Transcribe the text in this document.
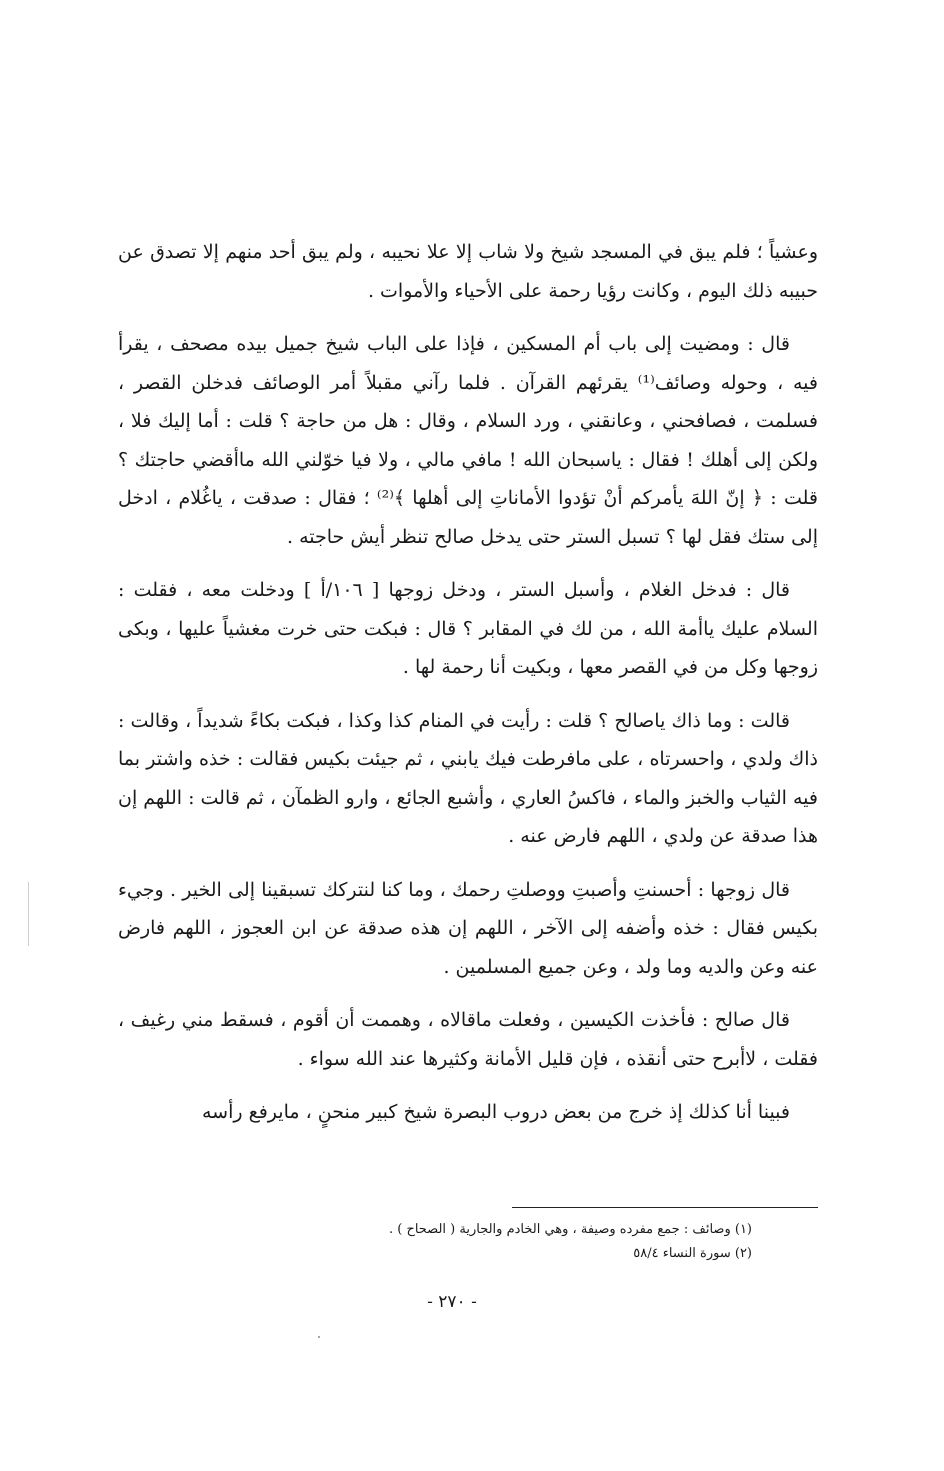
وعشياً ؛ فلم يبق في المسجد شيخ ولا شاب إلا علا نحيبه ، ولم يبق أحد منهم إلا تصدق عن حبيبه ذلك اليوم ، وكانت رؤيا رحمة على الأحياء والأموات .

قال : ومضيت إلى باب أم المسكين ، فإذا على الباب شيخ جميل بيده مصحف ، يقرأ فيه ، وحوله وصائف⁽¹⁾ يقرئهم القرآن . فلما رآني مقبلاً أمر الوصائف فدخلن القصر ، فسلمت ، فصافحني ، وعانقني ، ورد السلام ، وقال : هل من حاجة ؟ قلت : أما إليك فلا ، ولكن إلى أهلك ! فقال : ياسبحان الله ! مافي مالي ، ولا فيا خوّلني الله ماأقضي حاجتك ؟ قلت : ﴿ إنّ اللهَ يأمركم أنْ تؤدوا الأماناتِ إلى أهلها ﴾⁽²⁾ ؛ فقال : صدقت ، ياغُلام ، ادخل إلى ستك فقل لها ؟ تسبل الستر حتى يدخل صالح تنظر أيش حاجته .

قال : فدخل الغلام ، وأسبل الستر ، ودخل زوجها [ ١٠٦/أ ] ودخلت معه ، فقلت : السلام عليك ياأمة الله ، من لك في المقابر ؟ قال : فبكت حتى خرت مغشياً عليها ، وبكى زوجها وكل من في القصر معها ، وبكيت أنا رحمة لها .

قالت : وما ذاك ياصالح ؟ قلت : رأيت في المنام كذا وكذا ، فبكت بكاءً شديداً ، وقالت : ذاك ولدي ، واحسرتاه ، على مافرطت فيك يابني ، ثم جيئت بكيس فقالت : خذه واشتر بما فيه الثياب والخبز والماء ، فاكسُ العاري ، وأشبع الجائع ، وارو الظمآن ، ثم قالت : اللهم إن هذا صدقة عن ولدي ، اللهم فارض عنه .

قال زوجها : أحسنتِ وأصبتِ ووصلتِ رحمك ، وما كنا لنتركك تسبقينا إلى الخير . وجيء بكيس فقال : خذه وأضفه إلى الآخر ، اللهم إن هذه صدقة عن ابن العجوز ، اللهم فارض عنه وعن والديه وما ولد ، وعن جميع المسلمين .

قال صالح : فأخذت الكيسين ، وفعلت ماقالاه ، وهممت أن أقوم ، فسقط مني رغيف ، فقلت ، لاأبرح حتى أنقذه ، فإن قليل الأمانة وكثيرها عند الله سواء .

فبينا أنا كذلك إذ خرج من بعض دروب البصرة شيخ كبير منحنٍ ، مايرفع رأسه

(١) وصائف : جمع مفرده وصيفة ، وهي الخادم والجارية ( الصحاح ) .

(٢) سورة النساء ٥٨/٤

- ٢٧٠ -
